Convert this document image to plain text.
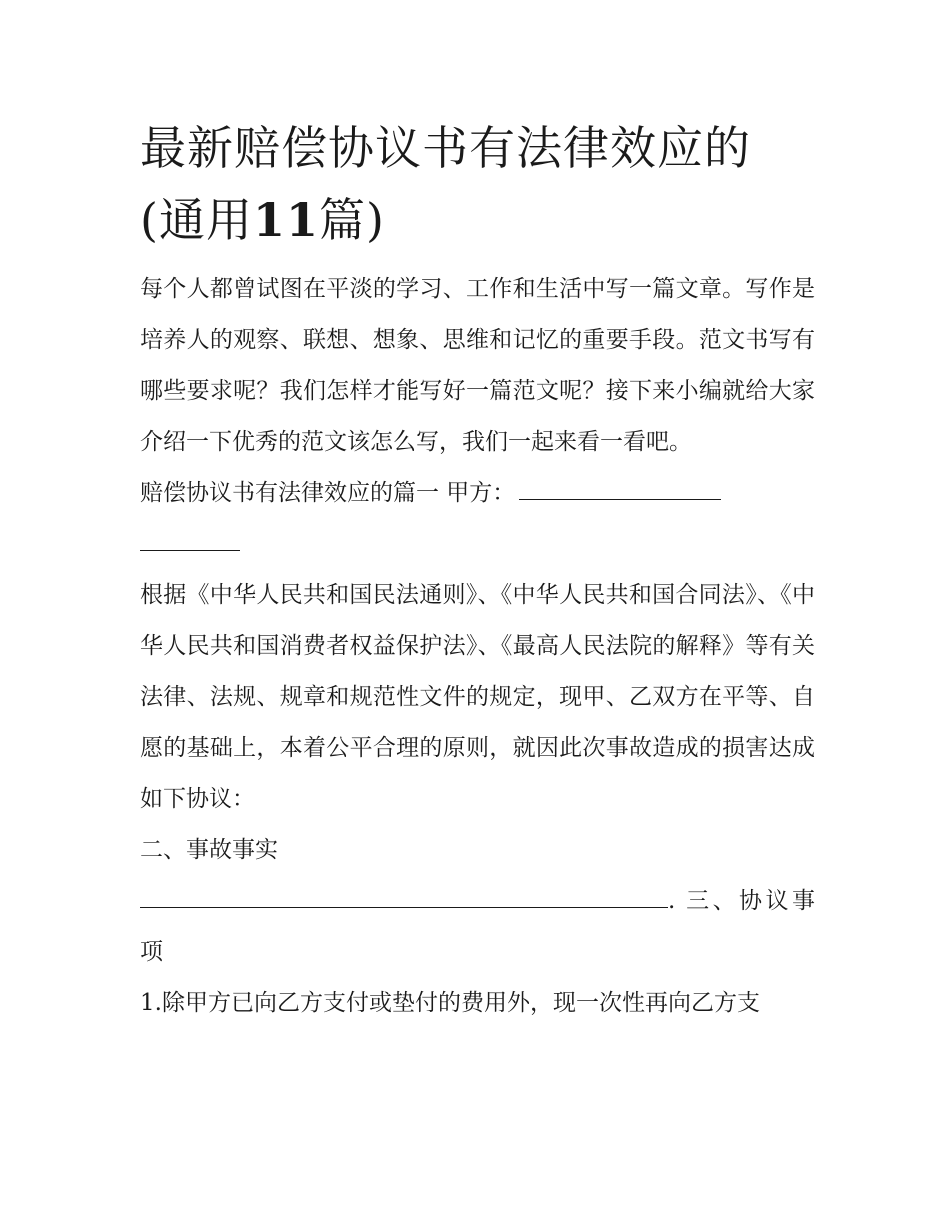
最新赔偿协议书有法律效应的
(通用11篇)

每个人都曾试图在平淡的学习、工作和生活中写一篇文章。写作是培养人的观察、联想、想象、思维和记忆的重要手段。范文书写有哪些要求呢？我们怎样才能写好一篇范文呢？接下来小编就给大家介绍一下优秀的范文该怎么写，我们一起来看一看吧。

赔偿协议书有法律效应的篇一 甲方：

根据《中华人民共和国民法通则》、《中华人民共和国合同法》、《中华人民共和国消费者权益保护法》、《最高人民法院的解释》等有关法律、法规、规章和规范性文件的规定，现甲、乙双方在平等、自愿的基础上，本着公平合理的原则，就因此次事故造成的损害达成如下协议：

二、事故事实

. 三、协议事项

1.除甲方已向乙方支付或垫付的费用外，现一次性再向乙方支
